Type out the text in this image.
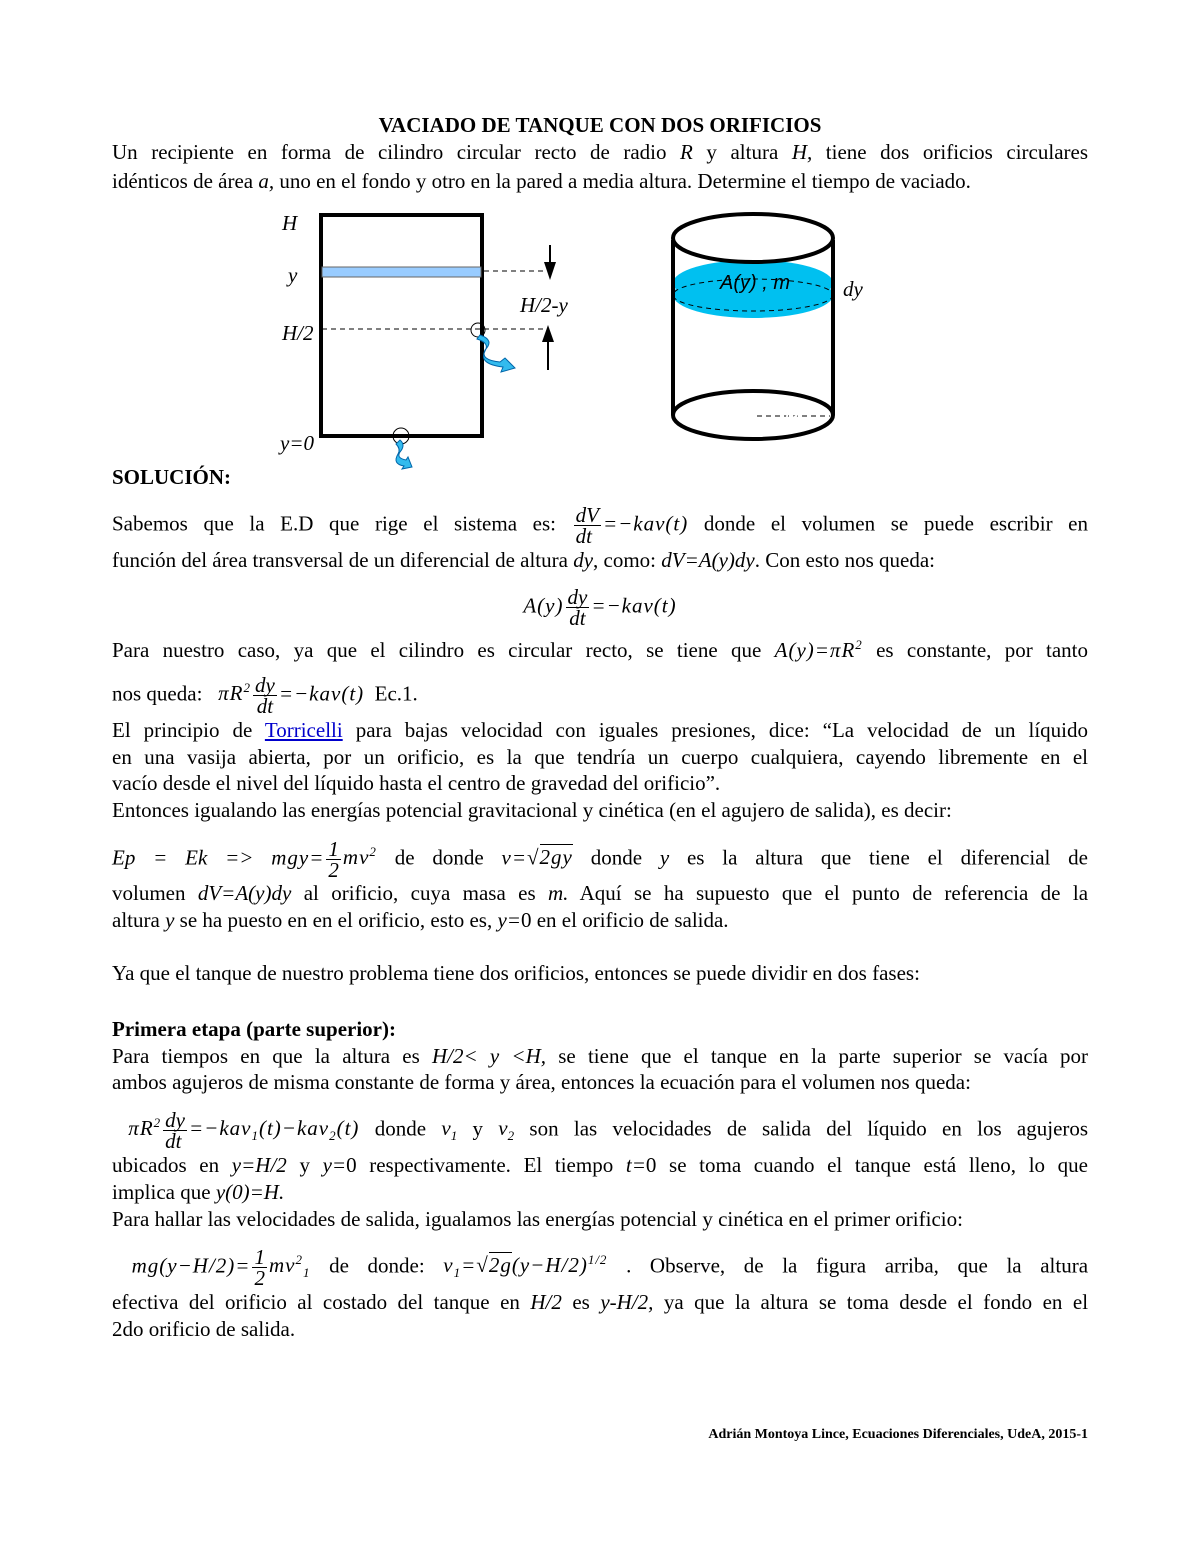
VACIADO DE TANQUE CON DOS ORIFICIOS
Un recipiente en forma de cilindro circular recto de radio R y altura H, tiene dos orificios circulares
idénticos de área a, uno en el fondo y otro en la pared a media altura. Determine el tiempo de vaciado.
H
y
H/2
y=0
H/2-y
A(y) , m	dy
R
SOLUCIÓN:
Sabemos que la E.D que rige el sistema es: $\frac{dV}{dt} =-kav(t)$ donde el volumen se puede escribir en
función del área transversal de un diferencial de altura dy, como: dV=A(y)dy. Con esto nos queda:
$A(y) \frac{dy}{dt} =-kav(t)$
Para nuestro caso, ya que el cilindro es circular recto, se tiene que $A(y)=\pi R^2$ es constante, por tanto
nos queda: $\pi R^2 \frac{dy}{dt} =-kav(t)$ Ec.1.
El principio de Torricelli para bajas velocidad con iguales presiones, dice: “La velocidad de un líquido
en una vasija abierta, por un orificio, es la que tendría un cuerpo cualquiera, cayendo libremente en el
vacío desde el nivel del líquido hasta el centro de gravedad del orificio”.
Entonces igualando las energías potencial gravitacional y cinética (en el agujero de salida), es decir:
$Ep = Ek => mgy= \frac{1}{2} mv^2$ de donde v=√2gy donde y es la altura que tiene el diferencial de
volumen dV=A(y)dy al orificio, cuya masa es m. Aquí se ha supuesto que el punto de referencia de la
altura y se ha puesto en en el orificio, esto es, y=0 en el orificio de salida.
Ya que el tanque de nuestro problema tiene dos orificios, entonces se puede dividir en dos fases:
Primera etapa (parte superior):
Para tiempos en que la altura es H/2< y <H, se tiene que el tanque en la parte superior se vacía por
ambos agujeros de misma constante de forma y área, entonces la ecuación para el volumen nos queda:
$\pi R^2 \frac{dy}{dt} =-kav_1(t)-kav_2(t)$ donde $v_1$ y $v_2$ son las velocidades de salida del líquido en los agujeros
ubicados en y=H/2 y y=0 respectivamente. El tiempo t=0 se toma cuando el tanque está lleno, lo que
implica que y(0)=H.
Para hallar las velocidades de salida, igualamos las energías potencial y cinética en el primer orificio:
$mg(y-H/2)= \frac{1}{2} mv^2_1$ de donde: $v_1=√2g(y-H/2)^{1/2}$ . Observe, de la figura arriba, que la altura
efectiva del orificio al costado del tanque en H/2 es y-H/2, ya que la altura se toma desde el fondo en el
2do orificio de salida.
Adrián Montoya Lince, Ecuaciones Diferenciales, UdeA, 2015-1
